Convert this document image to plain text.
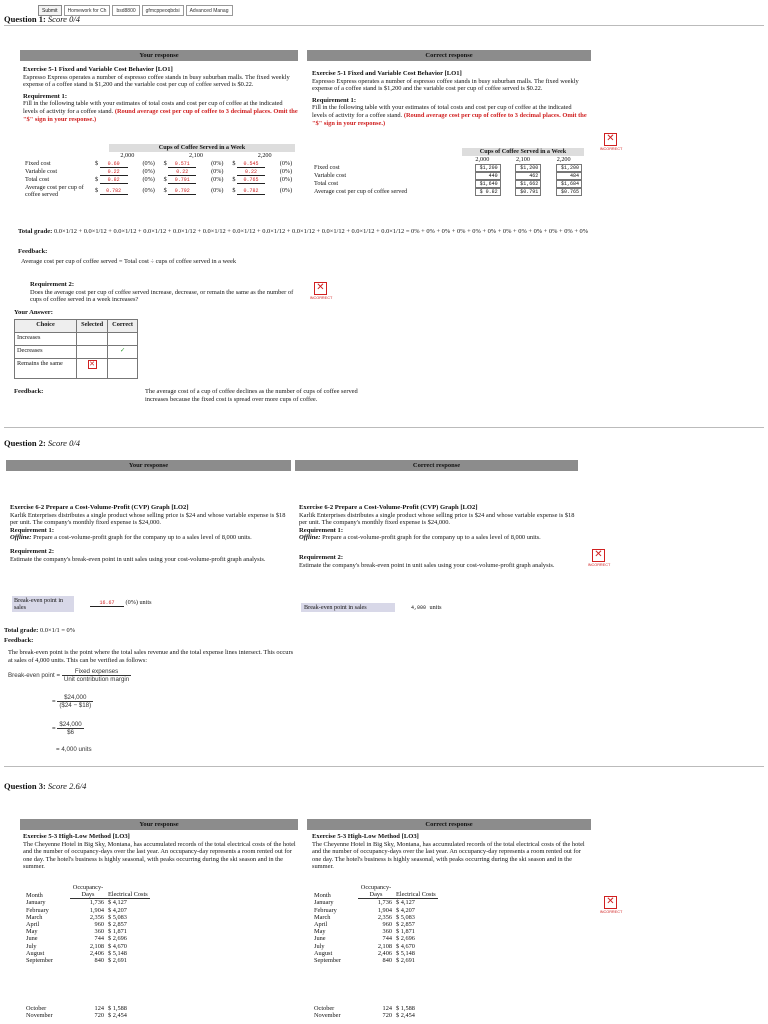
Submit	Homework for Ch	bsd8800	gfmcppeoqbdsi	Advanced Manag
Question 1: Score 0/4
Your response	Correct response
Exercise 5-1 Fixed and Variable Cost Behavior [LO1]
Espresso Express operates a number of espresso coffee stands in busy suburban malls. The fixed weekly expense of a coffee stand is $1,200 and the variable cost per cup of coffee served is $0.22.

Requirement 1:
Fill in the following table with your estimates of total costs and cost per cup of coffee at the indicated levels of activity for a coffee stand. (Round average cost per cup of coffee to 3 decimal places. Omit the "$" sign in your response.)
Cups of Coffee Served in a Week
	2,000		2,100		2,200	
Fixed cost	$ 0.60	(0%)	$ 0.571	(0%)	$ 0.545	(0%)
Variable cost	0.22	(0%)	0.22	(0%)	0.22	(0%)
Total cost	$ 0.82	(0%)	$ 0.791	(0%)	$ 0.765	(0%)
Average cost per cup of coffee served	$ 0.782	(0%)	$ 0.792	(0%)	$ 0.782	(0%)
Exercise 5-1 Fixed and Variable Cost Behavior [LO1]
Espresso Express operates a number of espresso coffee stands in busy suburban malls. The fixed weekly expense of a coffee stand is $1,200 and the variable cost per cup of coffee served is $0.22.

Requirement 1:
Fill in the following table with your estimates of total costs and cost per cup of coffee at the indicated levels of activity for a coffee stand. (Round average cost per cup of coffee to 3 decimal places. Omit the "$" sign in your response.)
Cups of Coffee Served in a Week
	2,000	2,100	2,200
Fixed cost	$1,200	$1,200	$1,200
Variable cost	440	462	484
Total cost	$1,640	$1,662	$1,684
Average cost per cup of coffee served	$ 0.82	$0.791	$0.765
✕
INCORRECT
Total grade: 0.0×1/12 + 0.0×1/12 + 0.0×1/12 + 0.0×1/12 + 0.0×1/12 + 0.0×1/12 + 0.0×1/12 + 0.0×1/12 + 0.0×1/12 + 0.0×1/12 + 0.0×1/12 + 0.0×1/12 = 0% + 0% + 0% + 0% + 0% + 0% + 0% + 0% + 0% + 0% + 0% + 0%
Feedback:
Average cost per cup of coffee served = Total cost ÷ cups of coffee served in a week
Requirement 2:
Does the average cost per cup of coffee served increase, decrease, or remain the same as the number of cups of coffee served in a week increases?
✕
INCORRECT
Your Answer:
Choice	Selected	Correct
Increases		
Decreases		✓
Remains the same	✕	
Feedback:	The average cost of a cup of coffee declines as the number of cups of coffee served increases because the fixed cost is spread over more cups of coffee.
Question 2: Score 0/4
Your response	Correct response
Exercise 6-2 Prepare a Cost-Volume-Profit (CVP) Graph [LO2]
Karlik Enterprises distributes a single product whose selling price is $24 and whose variable expense is $18 per unit. The company's monthly fixed expense is $24,000.
Requirement 1:
Offline: Prepare a cost-volume-profit graph for the company up to a sales level of 8,000 units.

Requirement 2:
Estimate the company's break-even point in unit sales using your cost-volume-profit graph analysis.
Break-even point in sales
16.67 (0%) units
Exercise 6-2 Prepare a Cost-Volume-Profit (CVP) Graph [LO2]
Karlik Enterprises distributes a single product whose selling price is $24 and whose variable expense is $18 per unit. The company's monthly fixed expense is $24,000.
Requirement 1:
Offline: Prepare a cost-volume-profit graph for the company up to a sales level of 8,000 units.

Requirement 2:
Estimate the company's break-even point in unit sales using your cost-volume-profit graph analysis.
Break-even point in sales	4,000 units
✕
INCORRECT
Total grade: 0.0×1/1 = 0%
Feedback:
The break-even point is the point where the total sales revenue and the total expense lines intersect. This occurs at sales of 4,000 units. This can be verified as follows:
Break-even point = $\frac{\text{Fixed expenses}}{\text{Unit contribution margin}}$
= $\frac{\$24,000}{(\$24 - \$18)}$
= $\frac{\$24,000}{\$6}$
= 4,000 units
Question 3: Score 2.6/4
Your response	Correct response
Exercise 5-3 High-Low Method [LO3]
The Cheyenne Hotel in Big Sky, Montana, has accumulated records of the total electrical costs of the hotel and the number of occupancy-days over the last year. An occupancy-day represents a room rented out for one day. The hotel's business is highly seasonal, with peaks occurring during the ski season and in the summer.
Exercise 5-3 High-Low Method [LO3]
The Cheyenne Hotel in Big Sky, Montana, has accumulated records of the total electrical costs of the hotel and the number of occupancy-days over the last year. An occupancy-day represents a room rented out for one day. The hotel's business is highly seasonal, with peaks occurring during the ski season and in the summer.
Month	Occupancy-Days	Electrical Costs
January	1,736	$ 4,127
February	1,904	$ 4,207
March	2,356	$ 5,083
April	960	$ 2,857
May	360	$ 1,871
June	744	$ 2,696
July	2,108	$ 4,670
August	2,406	$ 5,148
September	840	$ 2,691
Month	Occupancy-Days	Electrical Costs
January	1,736	$ 4,127
February	1,904	$ 4,207
March	2,356	$ 5,083
April	960	$ 2,857
May	360	$ 1,871
June	744	$ 2,696
July	2,108	$ 4,670
August	2,406	$ 5,148
September	840	$ 2,691
October	124	$ 1,588
November	720	$ 2,454
October	124	$ 1,588
November	720	$ 2,454
✕
INCORRECT
